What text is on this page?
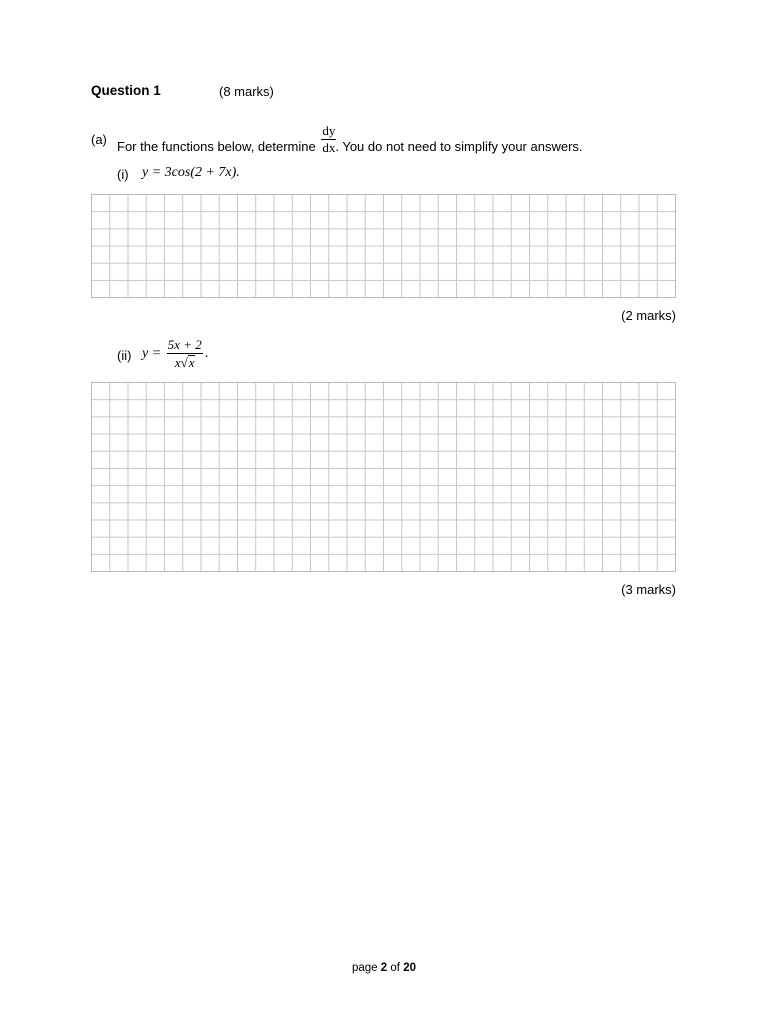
Question 1	(8 marks)
(a) For the functions below, determine $\frac{dy}{dx}$ . You do not need to simplify your answers.
(i) y = 3cos(2 + 7x).
(2 marks)
(ii) $y = \frac{5x + 2}{x√x}$ .
(3 marks)
page 2 of 20
